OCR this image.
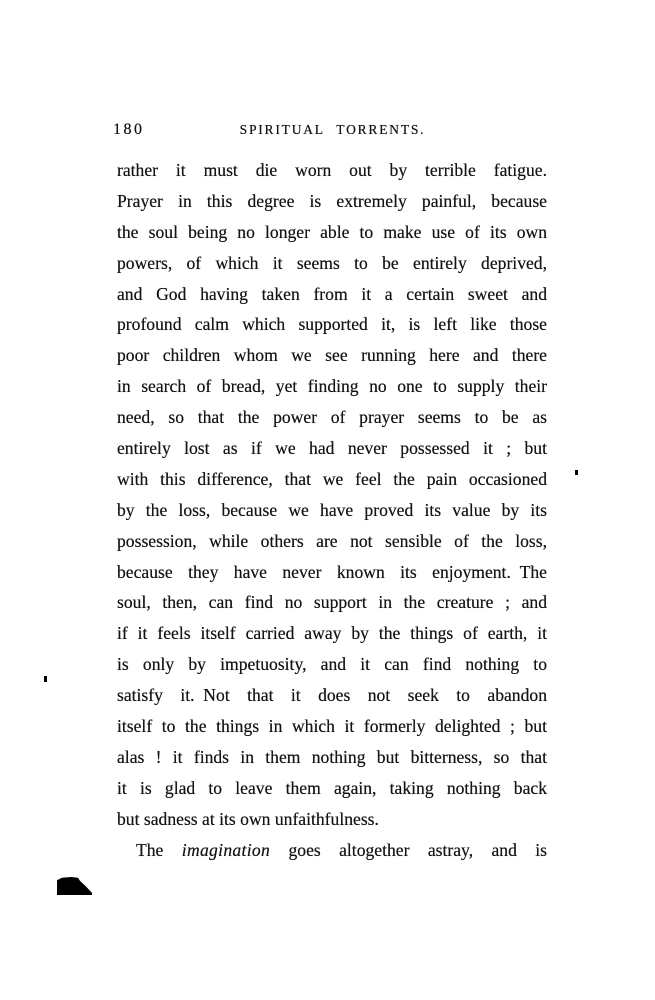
180	SPIRITUAL TORRENTS.
rather it must die worn out by terrible fatigue.
Prayer in this degree is extremely painful, because
the soul being no longer able to make use of its own
powers, of which it seems to be entirely deprived,
and God having taken from it a certain sweet and
profound calm which supported it, is left like those
poor children whom we see running here and there
in search of bread, yet finding no one to supply their
need, so that the power of prayer seems to be as
entirely lost as if we had never possessed it ; but
with this difference, that we feel the pain occasioned
by the loss, because we have proved its value by its
possession, while others are not sensible of the loss,
because they have never known its enjoyment. The
soul, then, can find no support in the creature ; and
if it feels itself carried away by the things of earth, it
is only by impetuosity, and it can find nothing to
satisfy it. Not that it does not seek to abandon
itself to the things in which it formerly delighted ; but
alas ! it finds in them nothing but bitterness, so that
it is glad to leave them again, taking nothing back
but sadness at its own unfaithfulness.
The imagination goes altogether astray, and is
